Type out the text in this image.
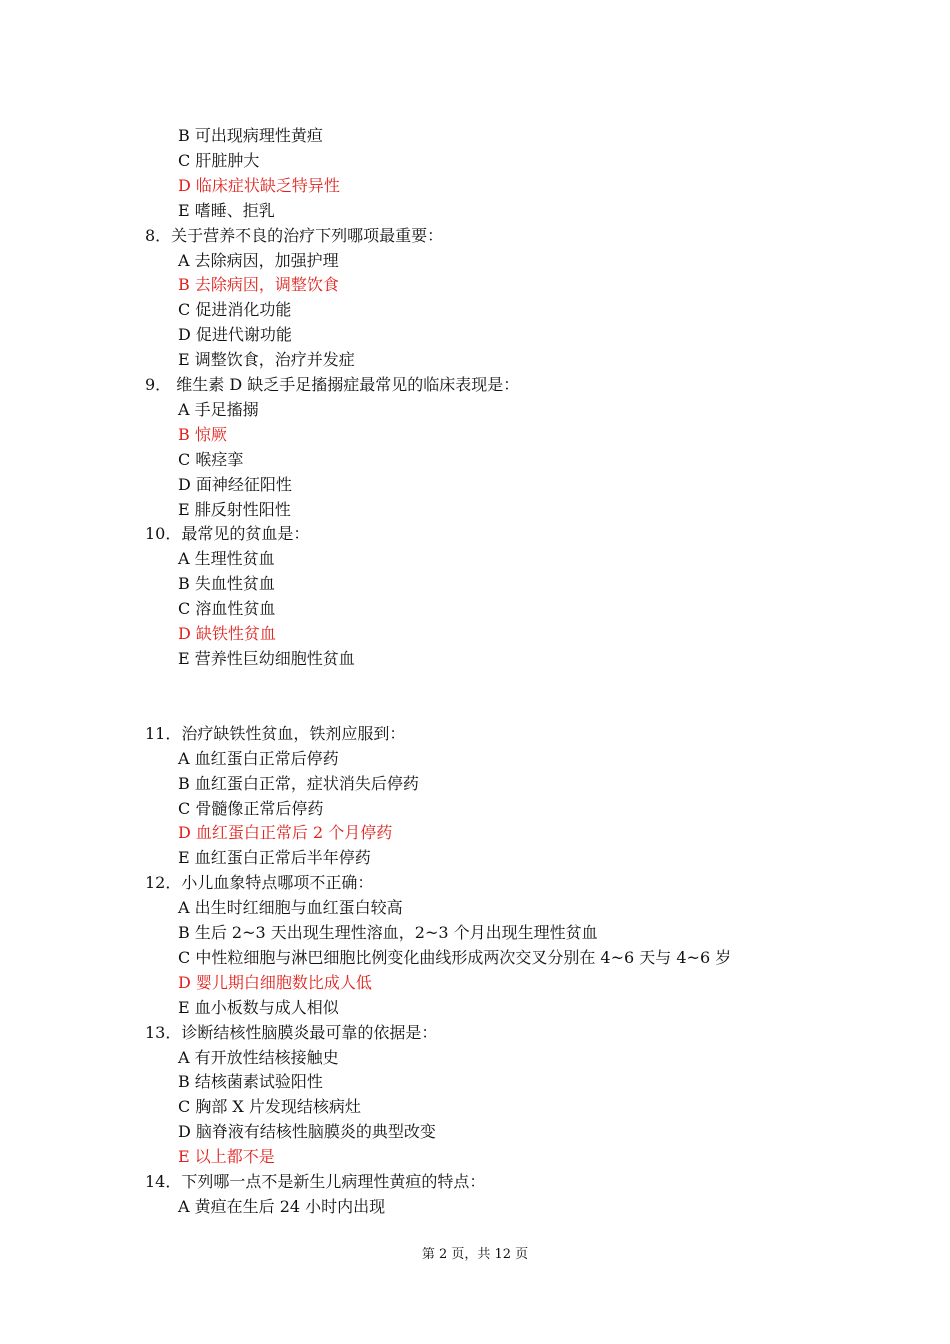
B 可出现病理性黄疸
C 肝脏肿大
D 临床症状缺乏特异性
E 嗜睡、拒乳
8．关于营养不良的治疗下列哪项最重要：
A 去除病因，加强护理
B 去除病因，调整饮食
C 促进消化功能
D 促进代谢功能
E 调整饮食，治疗并发症
9． 维生素 D 缺乏手足搐搦症最常见的临床表现是：
A 手足搐搦
B 惊厥
C 喉痉挛
D 面神经征阳性
E 腓反射性阳性
10．最常见的贫血是：
A 生理性贫血
B 失血性贫血
C 溶血性贫血
D 缺铁性贫血
E 营养性巨幼细胞性贫血
11．治疗缺铁性贫血，铁剂应服到：
A 血红蛋白正常后停药
B 血红蛋白正常，症状消失后停药
C 骨髓像正常后停药
D 血红蛋白正常后 2 个月停药
E 血红蛋白正常后半年停药
12．小儿血象特点哪项不正确：
A 出生时红细胞与血红蛋白较高
B 生后 2~3 天出现生理性溶血，2~3 个月出现生理性贫血
C 中性粒细胞与淋巴细胞比例变化曲线形成两次交叉分别在 4~6 天与 4~6 岁
D 婴儿期白细胞数比成人低
E 血小板数与成人相似
13．诊断结核性脑膜炎最可靠的依据是：
A 有开放性结核接触史
B 结核菌素试验阳性
C 胸部 X 片发现结核病灶
D 脑脊液有结核性脑膜炎的典型改变
E 以上都不是
14．下列哪一点不是新生儿病理性黄疸的特点：
A 黄疸在生后 24 小时内出现
第 2 页，共 12 页
